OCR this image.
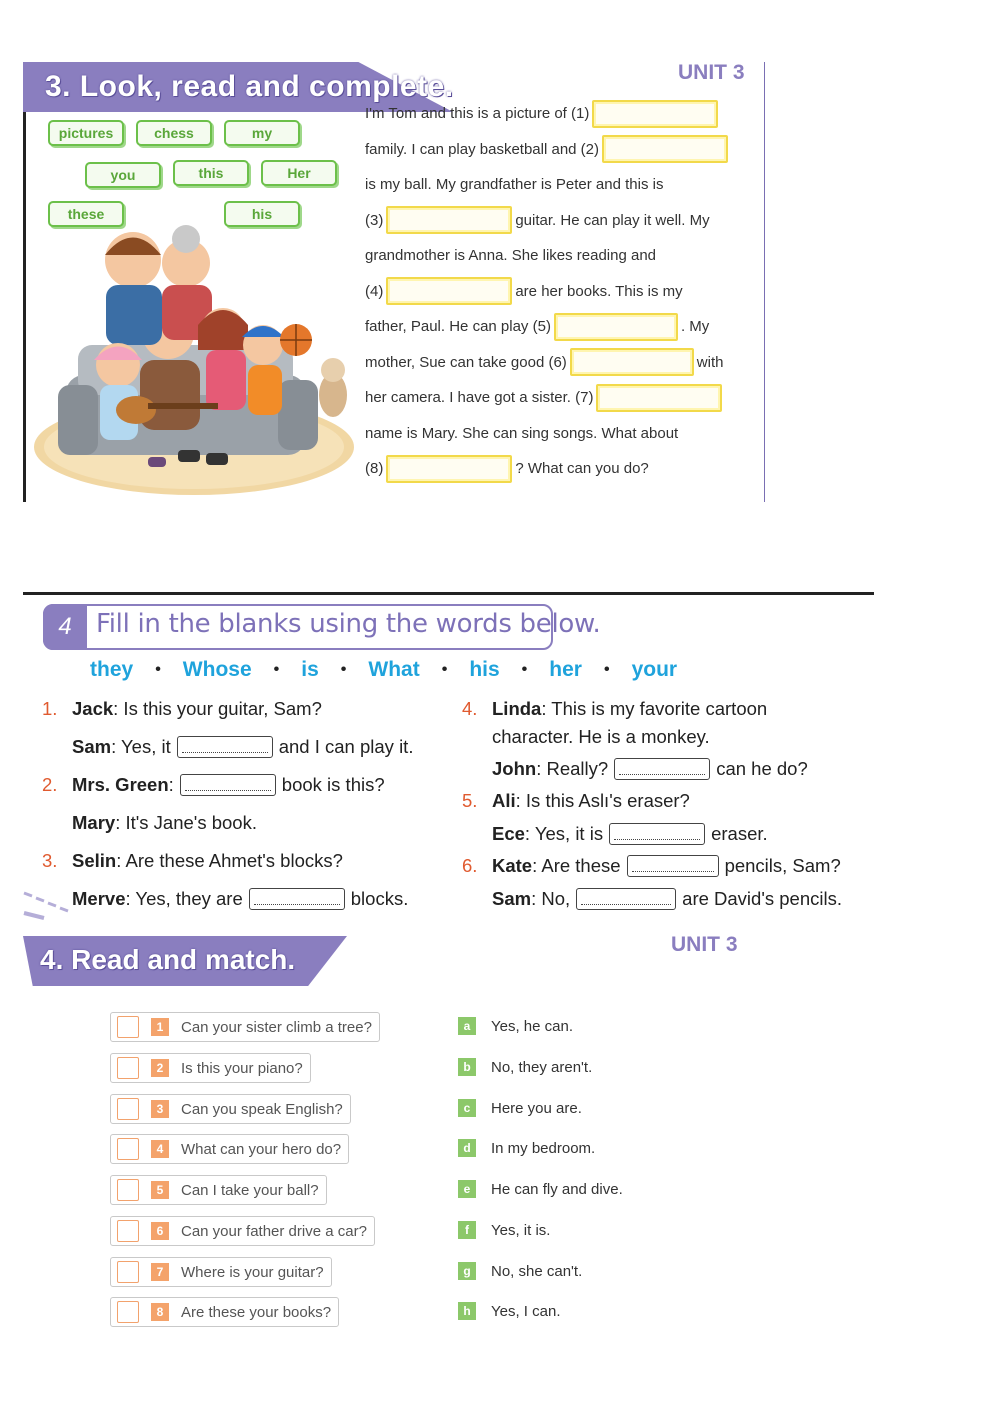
3. Look, read and complete.	UNIT 3
pictures	chess	my
you	this	Her
these	his
I'm Tom and this is a picture of (1)
family. I can play basketball and (2)
is my ball. My grandfather is Peter and this is
(3)	guitar. He can play it well. My
grandmother is Anna. She likes reading and
(4)	are her books. This is my
father, Paul. He can play (5)	. My
mother, Sue can take good (6)	with
her camera. I have got a sister. (7)
name is Mary. She can sing songs. What about
(8)	? What can you do?
4 Fill in the blanks using the words below.
they • Whose • is • What • his • her • your
1. Jack : Is this your guitar, Sam?
Sam : Yes, it	and I can play it.
2. Mrs. Green :	book is this?
Mary : It's Jane's book.
3. Selin : Are these Ahmet's blocks?
Merve : Yes, they are	blocks.
4. Linda : This is my favorite cartoon
character. He is a monkey.
John : Really?	can he do?
5. Ali : Is this Aslı's eraser?
Ece : Yes, it is	eraser.
6. Kate : Are these	pencils, Sam?
Sam : No,	are David's pencils.
4. Read and match.	UNIT 3
1	Can your sister climb a tree?
2	Is this your piano?
3	Can you speak English?
4	What can your hero do?
5	Can I take your ball?
6	Can your father drive a car?
7	Where is your guitar?
8	Are these your books?
a	Yes, he can.
b	No, they aren't.
c	Here you are.
d	In my bedroom.
e	He can fly and dive.
f	Yes, it is.
g	No, she can't.
h	Yes, I can.
